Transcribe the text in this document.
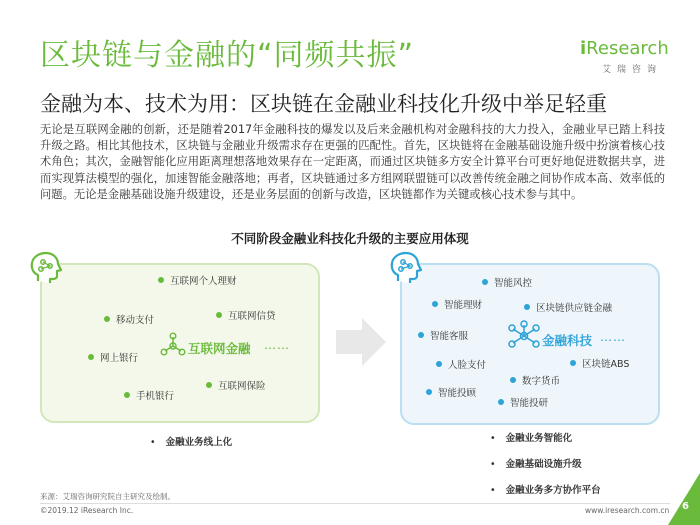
区块链与金融的“同频共振”	iResearch
艾瑞咨询
金融为本、技术为用：区块链在金融业科技化升级中举足轻重
无论是互联网金融的创新，还是随着2017年金融科技的爆发以及后来金融机构对金融科技的大力投入，金融业早已踏上科技升级之路。相比其他技术，区块链与金融业升级需求存在更强的匹配性。首先，区块链将在金融基础设施升级中扮演着核心技术角色；其次，金融智能化应用距离理想落地效果存在一定距离，而通过区块链多方安全计算平台可更好地促进数据共享，进而实现算法模型的强化，加速智能金融落地；再者，区块链通过多方组网联盟链可以改善传统金融之间协作成本高、效率低的问题。无论是金融基础设施升级建设，还是业务层面的创新与改造，区块链都作为关键或核心技术参与其中。
不同阶段金融业科技化升级的主要应用体现
互联网个人理财
移动支付	互联网信贷
网上银行
互联网保险
手机银行
互联网金融 ……
• 金融业务线上化
智能风控
智能理财	区块链供应链金融
智能客服
人脸支付	区块链ABS
数字货币
智能投顾
智能投研
金融科技 ……
• 金融业务智能化
• 金融基础设施升级
• 金融业务多方协作平台
来源：艾瑞咨询研究院自主研究及绘制。
©2019.12 iResearch Inc.	www.iresearch.com.cn 6
